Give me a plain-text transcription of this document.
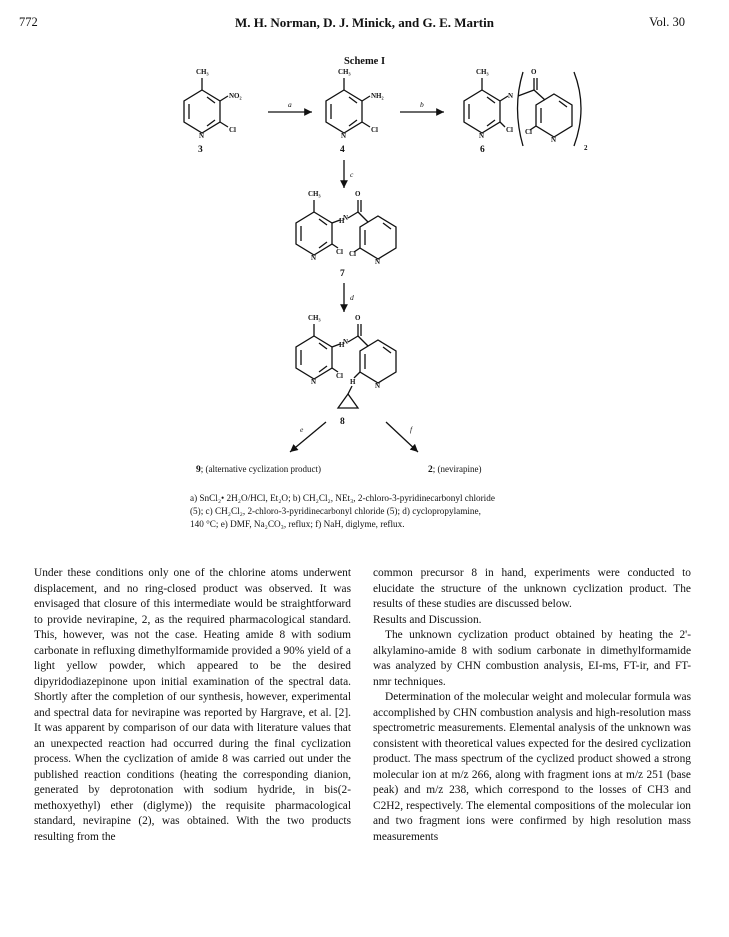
772	M. H. Norman, D. J. Minick, and G. E. Martin	Vol. 30
Scheme I
CH₃
NO₂
N
Cl
CH₃
NH₂
N
Cl
CH₃
N
O
N
Cl Cl
N
2
CH₃
H
N
O
N
Cl Cl
N
CH₃
H
N
O
N
Cl
N
H
a	b
c
d
e	f
3	4	6
7
8
9; (alternative cyclization product)	2; (nevirapine)
a) SnCl₂• 2H₂O/HCl, Et₂O; b) CH₂Cl₂, NEt₃, 2-chloro-3-pyridinecarbonyl chloride
(5); c) CH₂Cl₂, 2-chloro-3-pyridinecarbonyl chloride (5); d) cyclopropylamine,
140 °C; e) DMF, Na₂CO₃, reflux; f) NaH, diglyme, reflux.

Under these conditions only one of the chlorine atoms underwent displacement, and no ring-closed product was observed. It was envisaged that closure of this intermediate would be straightforward to provide nevirapine, 2, as the required pharmacological standard. This, however, was not the case. Heating amide 8 with sodium carbonate in refluxing dimethylformamide provided a 90% yield of a light yellow powder, which appeared to be the desired dipyridodiazepinone upon initial examination of the spectral data. Shortly after the completion of our synthesis, however, experimental and spectral data for nevirapine was reported by Hargrave, et al. [2]. It was apparent by comparison of our data with literature values that an unexpected reaction had occurred during the final cyclization process. When the cyclization of amide 8 was carried out under the published reaction conditions (heating the corresponding dianion, generated by deprotonation with sodium hydride, in bis(2-methoxyethyl) ether (diglyme)) the requisite pharmacological standard, nevirapine (2), was obtained. With the two products resulting from the

common precursor 8 in hand, experiments were conducted to elucidate the structure of the unknown cyclization product. The results of these studies are discussed below.

Results and Discussion.

The unknown cyclization product obtained by heating the 2'-alkylamino-amide 8 with sodium carbonate in dimethylformamide was analyzed by CHN combustion analysis, EI-ms, FT-ir, and FT-nmr techniques.

Determination of the molecular weight and molecular formula was accomplished by CHN combustion analysis and high-resolution mass spectrometric measurements. Elemental analysis of the unknown was consistent with theoretical values expected for the desired cyclization product. The mass spectrum of the cyclized product showed a strong molecular ion at m/z 266, along with fragment ions at m/z 251 (base peak) and m/z 238, which correspond to the losses of CH3 and C2H2, respectively. The elemental compositions of the molecular ion and two fragment ions were confirmed by high resolution mass measurements
